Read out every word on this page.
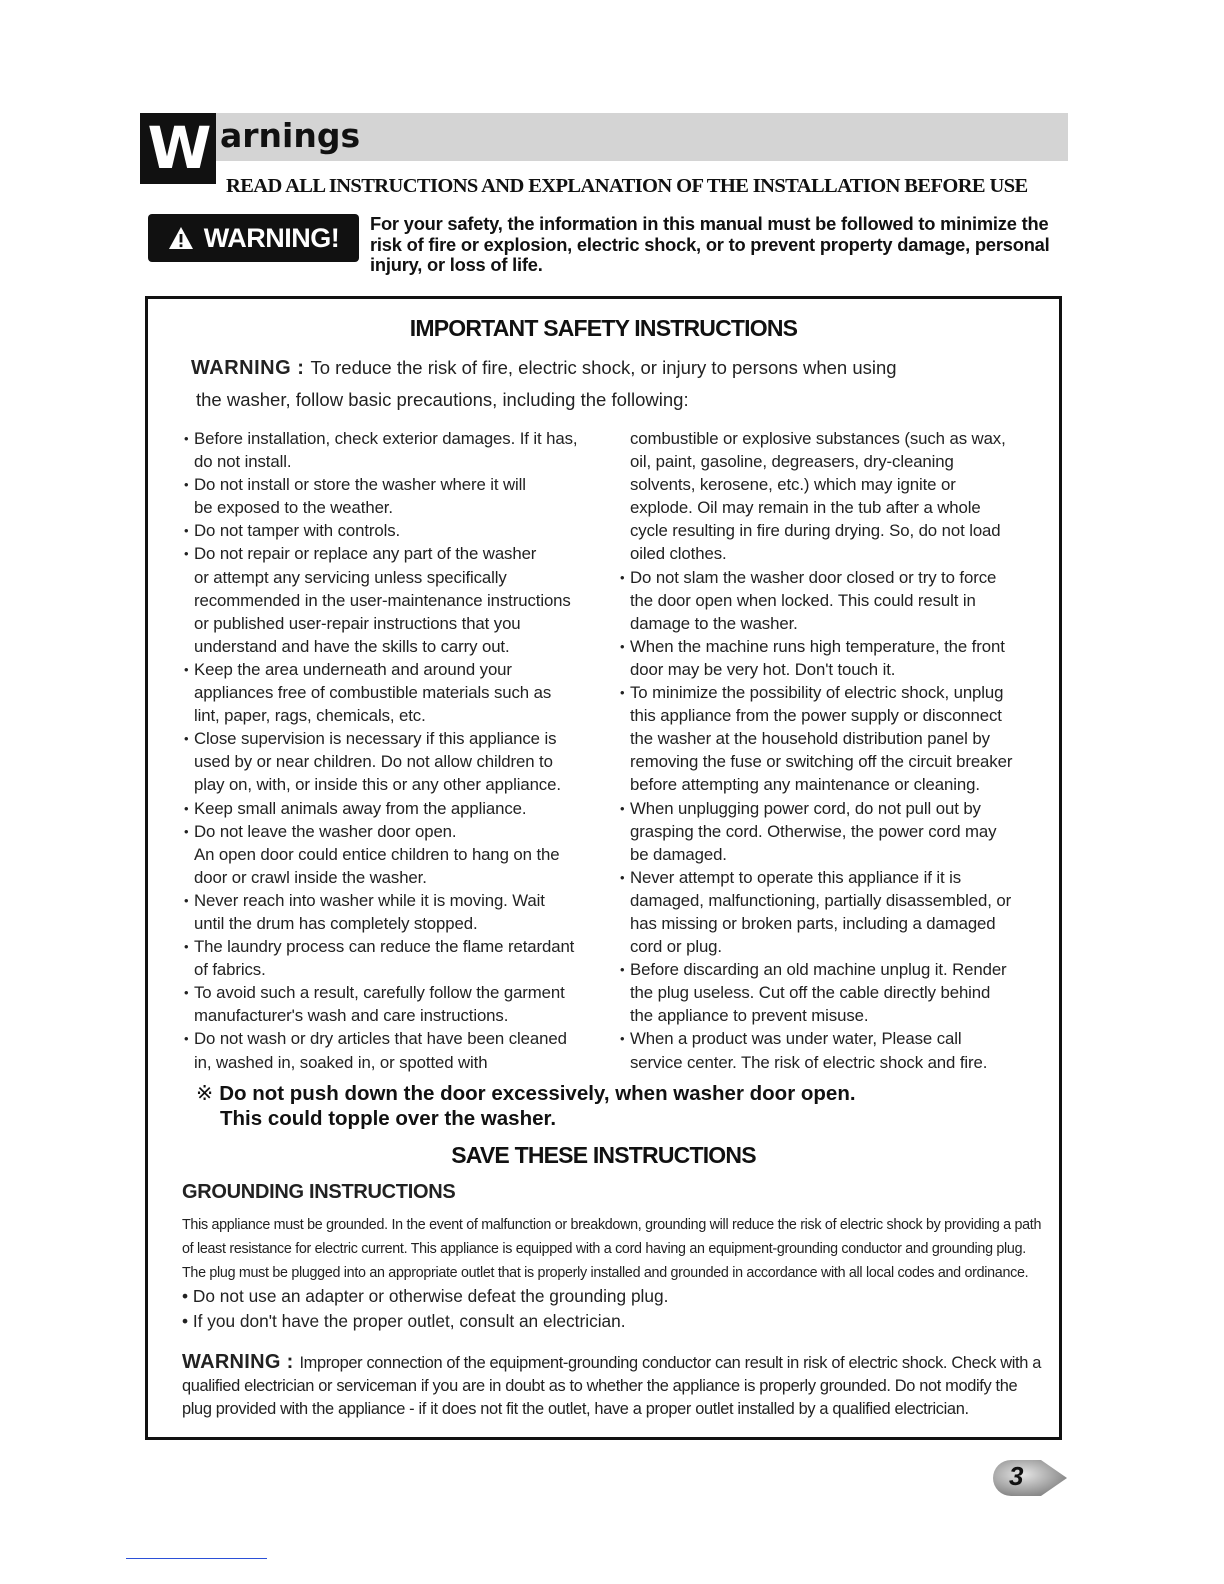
W arnings
READ ALL INSTRUCTIONS AND EXPLANATION OF THE INSTALLATION BEFORE USE
WARNING! For your safety, the information in this manual must be followed to minimize the risk of fire or explosion, electric shock, or to prevent property damage, personal injury, or loss of life.
IMPORTANT SAFETY INSTRUCTIONS
WARNING : To reduce the risk of fire, electric shock, or injury to persons when using
the washer, follow basic precautions, including the following:
• Before installation, check exterior damages. If it has,
do not install.
• Do not install or store the washer where it will
be exposed to the weather.
• Do not tamper with controls.
• Do not repair or replace any part of the washer
or attempt any servicing unless specifically
recommended in the user-maintenance instructions
or published user-repair instructions that you
understand and have the skills to carry out.
• Keep the area underneath and around your
appliances free of combustible materials such as
lint, paper, rags, chemicals, etc.
• Close supervision is necessary if this appliance is
used by or near children. Do not allow children to
play on, with, or inside this or any other appliance.
• Keep small animals away from the appliance.
• Do not leave the washer door open.
An open door could entice children to hang on the
door or crawl inside the washer.
• Never reach into washer while it is moving. Wait
until the drum has completely stopped.
• The laundry process can reduce the flame retardant
of fabrics.
• To avoid such a result, carefully follow the garment
manufacturer's wash and care instructions.
• Do not wash or dry articles that have been cleaned
in, washed in, soaked in, or spotted with
combustible or explosive substances (such as wax,
oil, paint, gasoline, degreasers, dry-cleaning
solvents, kerosene, etc.) which may ignite or
explode. Oil may remain in the tub after a whole
cycle resulting in fire during drying. So, do not load
oiled clothes.
• Do not slam the washer door closed or try to force
the door open when locked. This could result in
damage to the washer.
• When the machine runs high temperature, the front
door may be very hot. Don't touch it.
• To minimize the possibility of electric shock, unplug
this appliance from the power supply or disconnect
the washer at the household distribution panel by
removing the fuse or switching off the circuit breaker
before attempting any maintenance or cleaning.
• When unplugging power cord, do not pull out by
grasping the cord. Otherwise, the power cord may
be damaged.
• Never attempt to operate this appliance if it is
damaged, malfunctioning, partially disassembled, or
has missing or broken parts, including a damaged
cord or plug.
• Before discarding an old machine unplug it. Render
the plug useless. Cut off the cable directly behind
the appliance to prevent misuse.
• When a product was under water, Please call
service center. The risk of electric shock and fire.
※ Do not push down the door excessively, when washer door open.
This could topple over the washer.
SAVE THESE INSTRUCTIONS
GROUNDING INSTRUCTIONS
This appliance must be grounded. In the event of malfunction or breakdown, grounding will reduce the risk of electric shock by providing a path of least resistance for electric current. This appliance is equipped with a cord having an equipment-grounding conductor and grounding plug. The plug must be plugged into an appropriate outlet that is properly installed and grounded in accordance with all local codes and ordinance.
• Do not use an adapter or otherwise defeat the grounding plug.
• If you don't have the proper outlet, consult an electrician.
WARNING : Improper connection of the equipment-grounding conductor can result in risk of electric shock. Check with a qualified electrician or serviceman if you are in doubt as to whether the appliance is properly grounded. Do not modify the plug provided with the appliance - if it does not fit the outlet, have a proper outlet installed by a qualified electrician.
3
